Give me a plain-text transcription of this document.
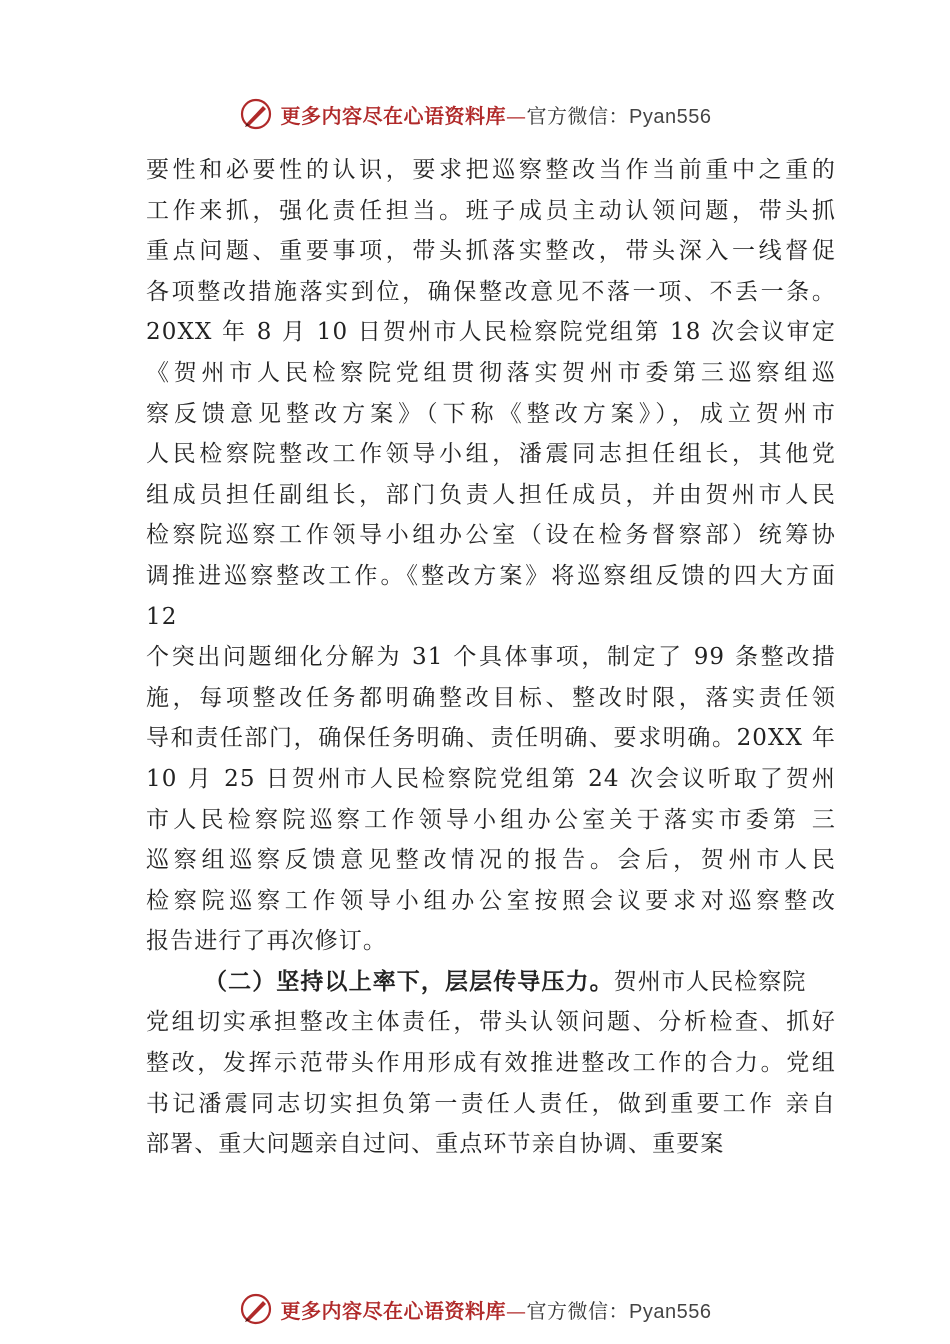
更多内容尽在心语资料库—官方微信：Pyan556
要性和必要性的认识，要求把巡察整改当作当前重中之重的
工作来抓，强化责任担当。班子成员主动认领问题，带头抓
重点问题、重要事项，带头抓落实整改，带头深入一线督促
各项整改措施落实到位，确保整改意见不落一项、不丢一条。
20XX 年 8 月 10 日贺州市人民检察院党组第 18 次会议审定
《贺州市人民检察院党组贯彻落实贺州市委第三巡察组巡
察反馈意见整改方案》（下称《整改方案》），成立贺州市
人民检察院整改工作领导小组，潘震同志担任组长，其他党
组成员担任副组长，部门负责人担任成员，并由贺州市人民
检察院巡察工作领导小组办公室（设在检务督察部）统筹协
调推进巡察整改工作。《整改方案》将巡察组反馈的四大方面
12
个突出问题细化分解为 31 个具体事项，制定了 99 条整改措
施，每项整改任务都明确整改目标、整改时限，落实责任领
导和责任部门，确保任务明确、责任明确、要求明确。20XX 年
10 月 25 日贺州市人民检察院党组第 24 次会议听取了贺州
市人民检察院巡察工作领导小组办公室关于落实市委第 三
巡察组巡察反馈意见整改情况的报告。会后，贺州市人民
检察院巡察工作领导小组办公室按照会议要求对巡察整改
报告进行了再次修订。
（二）坚持以上率下，层层传导压力。贺州市人民检察院
党组切实承担整改主体责任，带头认领问题、分析检查、抓好
整改，发挥示范带头作用形成有效推进整改工作的合力。党组
书记潘震同志切实担负第一责任人责任，做到重要工作 亲自
部署、重大问题亲自过问、重点环节亲自协调、重要案
更多内容尽在心语资料库—官方微信：Pyan556
